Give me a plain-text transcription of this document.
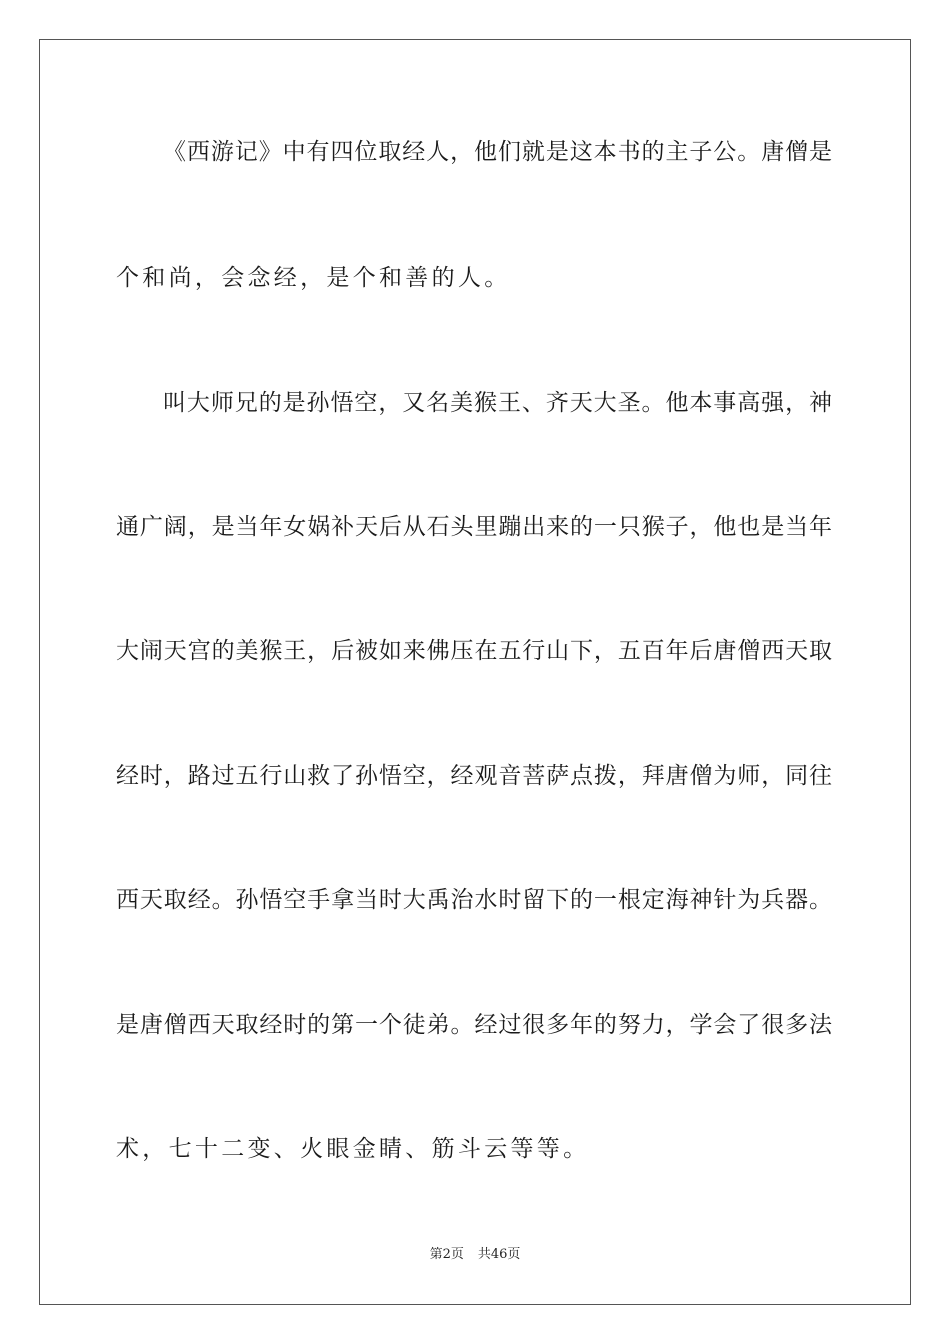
《西游记》中有四位取经人，他们就是这本书的主子公。唐僧是
个和尚，会念经，是个和善的人。
叫大师兄的是孙悟空，又名美猴王、齐天大圣。他本事高强，神
通广阔，是当年女娲补天后从石头里蹦出来的一只猴子，他也是当年
大闹天宫的美猴王，后被如来佛压在五行山下，五百年后唐僧西天取
经时，路过五行山救了孙悟空，经观音菩萨点拨，拜唐僧为师，同往
西天取经。孙悟空手拿当时大禹治水时留下的一根定海神针为兵器。
是唐僧西天取经时的第一个徒弟。经过很多年的努力，学会了很多法
术，七十二变、火眼金睛、筋斗云等等。
第2页 共46页
